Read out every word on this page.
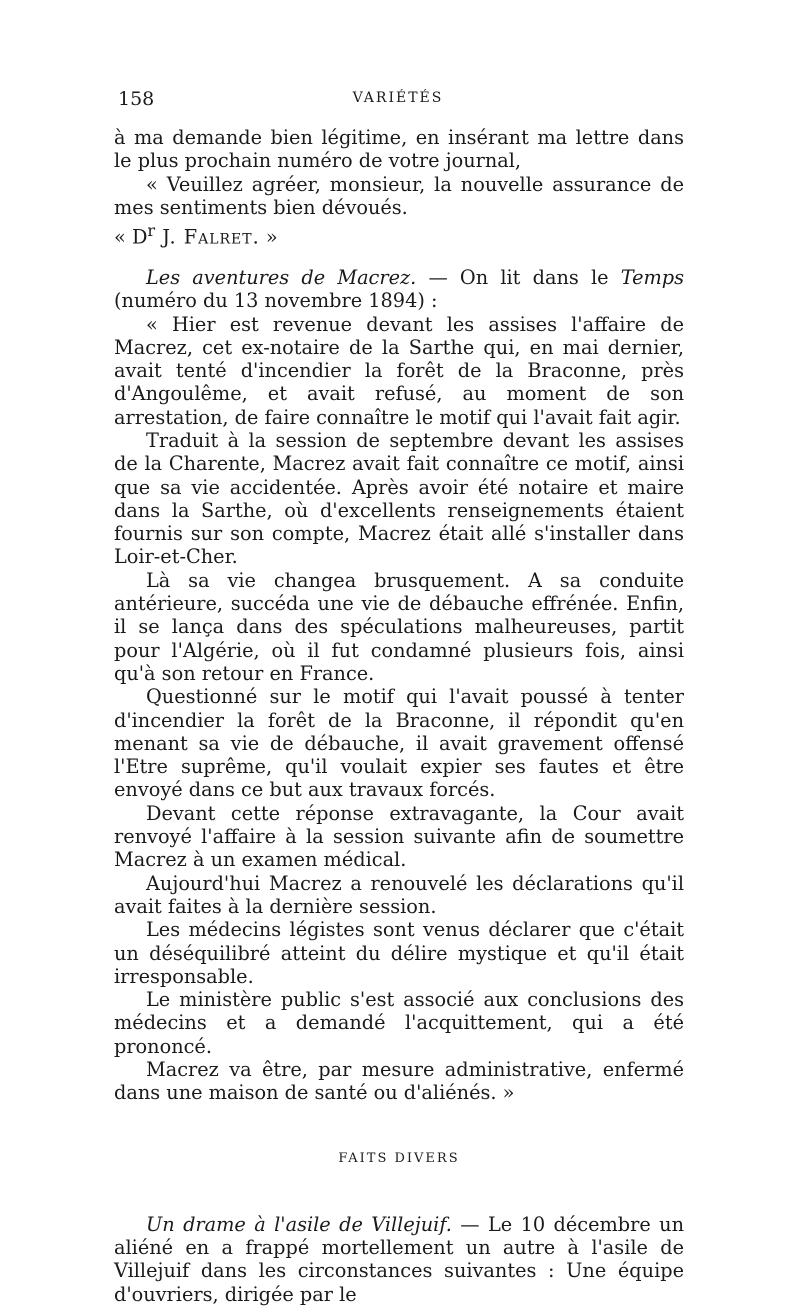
158	VARIÉTÉS

à ma demande bien légitime, en insérant ma lettre dans le plus prochain numéro de votre journal,

« Veuillez agréer, monsieur, la nouvelle assurance de mes sentiments bien dévoués.

« $D^r$ J. Falret. »

Les aventures de Macrez. — On lit dans le Temps (numéro du 13 novembre 1894) :

« Hier est revenue devant les assises l'affaire de Macrez, cet ex-notaire de la Sarthe qui, en mai dernier, avait tenté d'incendier la forêt de la Braconne, près d'Angoulême, et avait refusé, au moment de son arrestation, de faire connaître le motif qui l'avait fait agir.

Traduit à la session de septembre devant les assises de la Charente, Macrez avait fait connaître ce motif, ainsi que sa vie accidentée. Après avoir été notaire et maire dans la Sarthe, où d'excellents renseignements étaient fournis sur son compte, Macrez était allé s'installer dans Loir-et-Cher.

Là sa vie changea brusquement. A sa conduite antérieure, succéda une vie de débauche effrénée. Enfin, il se lança dans des spéculations malheureuses, partit pour l'Algérie, où il fut condamné plusieurs fois, ainsi qu'à son retour en France.

Questionné sur le motif qui l'avait poussé à tenter d'incendier la forêt de la Braconne, il répondit qu'en menant sa vie de débauche, il avait gravement offensé l'Etre suprême, qu'il voulait expier ses fautes et être envoyé dans ce but aux travaux forcés.

Devant cette réponse extravagante, la Cour avait renvoyé l'affaire à la session suivante afin de soumettre Macrez à un examen médical.

Aujourd'hui Macrez a renouvelé les déclarations qu'il avait faites à la dernière session.

Les médecins légistes sont venus déclarer que c'était un déséquilibré atteint du délire mystique et qu'il était irresponsable.

Le ministère public s'est associé aux conclusions des médecins et a demandé l'acquittement, qui a été prononcé.

Macrez va être, par mesure administrative, enfermé dans une maison de santé ou d'aliénés. »

FAITS DIVERS

Un drame à l'asile de Villejuif. — Le 10 décembre un aliéné en a frappé mortellement un autre à l'asile de Villejuif dans les circonstances suivantes : Une équipe d'ouvriers, dirigée par le
